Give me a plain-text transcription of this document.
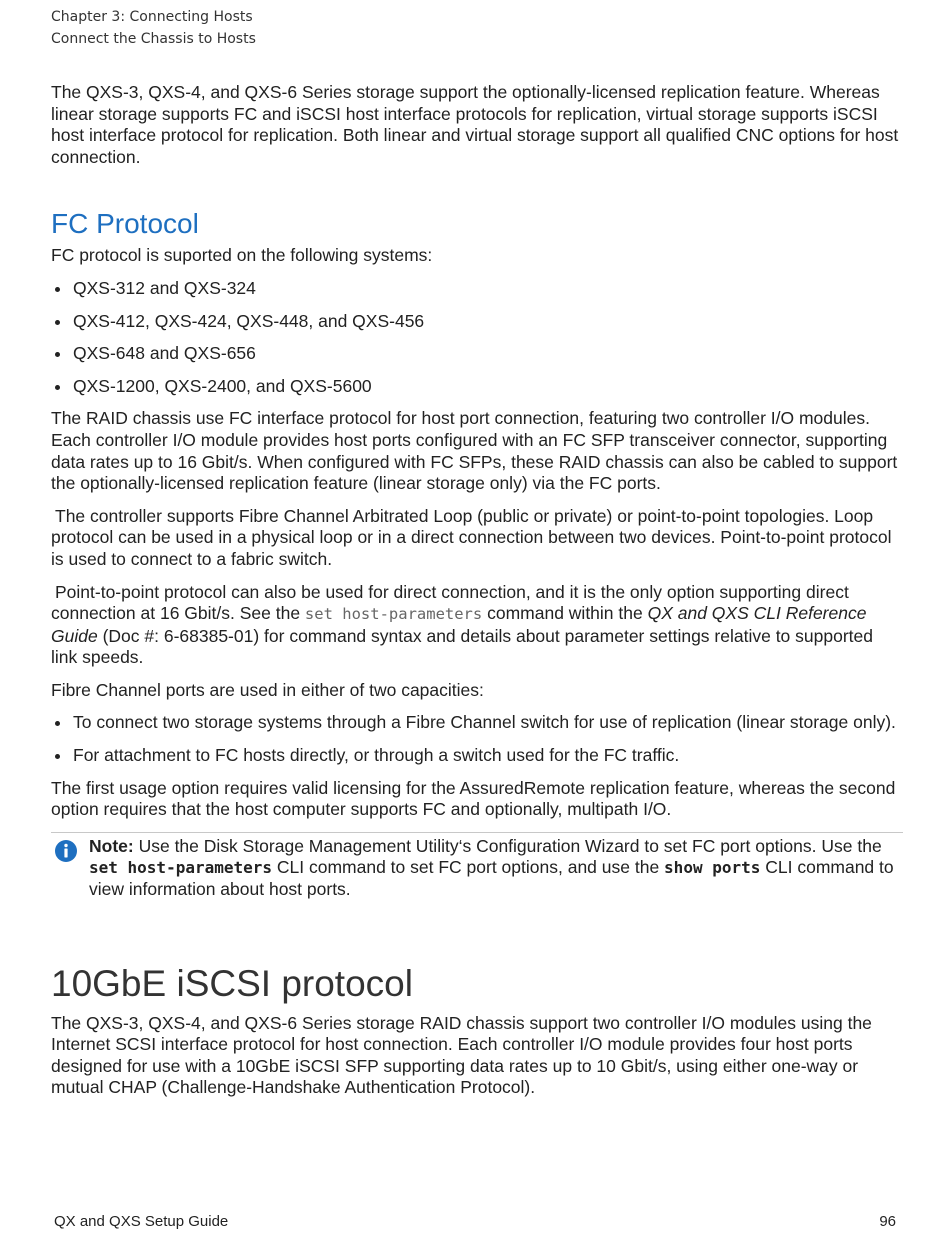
Chapter 3: Connecting Hosts
Connect the Chassis to Hosts

The QXS-3, QXS-4, and QXS-6 Series storage support the optionally-licensed replication feature. Whereas linear storage supports FC and iSCSI host interface protocols for replication, virtual storage supports iSCSI host interface protocol for replication. Both linear and virtual storage support all qualified CNC options for host connection.

FC Protocol

FC protocol is suported on the following systems:

QXS-312 and QXS-324
QXS-412, QXS-424, QXS-448, and QXS-456
QXS-648 and QXS-656
QXS-1200, QXS-2400, and QXS-5600

The RAID chassis use FC interface protocol for host port connection, featuring two controller I/O modules. Each controller I/O module provides host ports configured with an FC SFP transceiver connector, supporting data rates up to 16 Gbit/s. When configured with FC SFPs, these RAID chassis can also be cabled to support the optionally-licensed replication feature (linear storage only) via the FC ports.

The controller supports Fibre Channel Arbitrated Loop (public or private) or point-to-point topologies. Loop protocol can be used in a physical loop or in a direct connection between two devices. Point-to-point protocol is used to connect to a fabric switch.

Point-to-point protocol can also be used for direct connection, and it is the only option supporting direct connection at 16 Gbit/s. See the set host-parameters command within the QX and QXS CLI Reference Guide (Doc #: 6-68385-01) for command syntax and details about parameter settings relative to supported link speeds.

Fibre Channel ports are used in either of two capacities:

To connect two storage systems through a Fibre Channel switch for use of replication (linear storage only).
For attachment to FC hosts directly, or through a switch used for the FC traffic.

The first usage option requires valid licensing for the AssuredRemote replication feature, whereas the second option requires that the host computer supports FC and optionally, multipath I/O.

Note: Use the Disk Storage Management Utility‘s Configuration Wizard to set FC port options. Use the set host-parameters CLI command to set FC port options, and use the show ports CLI command to view information about host ports.
10GbE iSCSI protocol

The QXS-3, QXS-4, and QXS-6 Series storage RAID chassis support two controller I/O modules using the Internet SCSI interface protocol for host connection. Each controller I/O module provides four host ports designed for use with a 10GbE iSCSI SFP supporting data rates up to 10 Gbit/s, using either one-way or mutual CHAP (Challenge-Handshake Authentication Protocol).

QX and QXS Setup Guide	96
